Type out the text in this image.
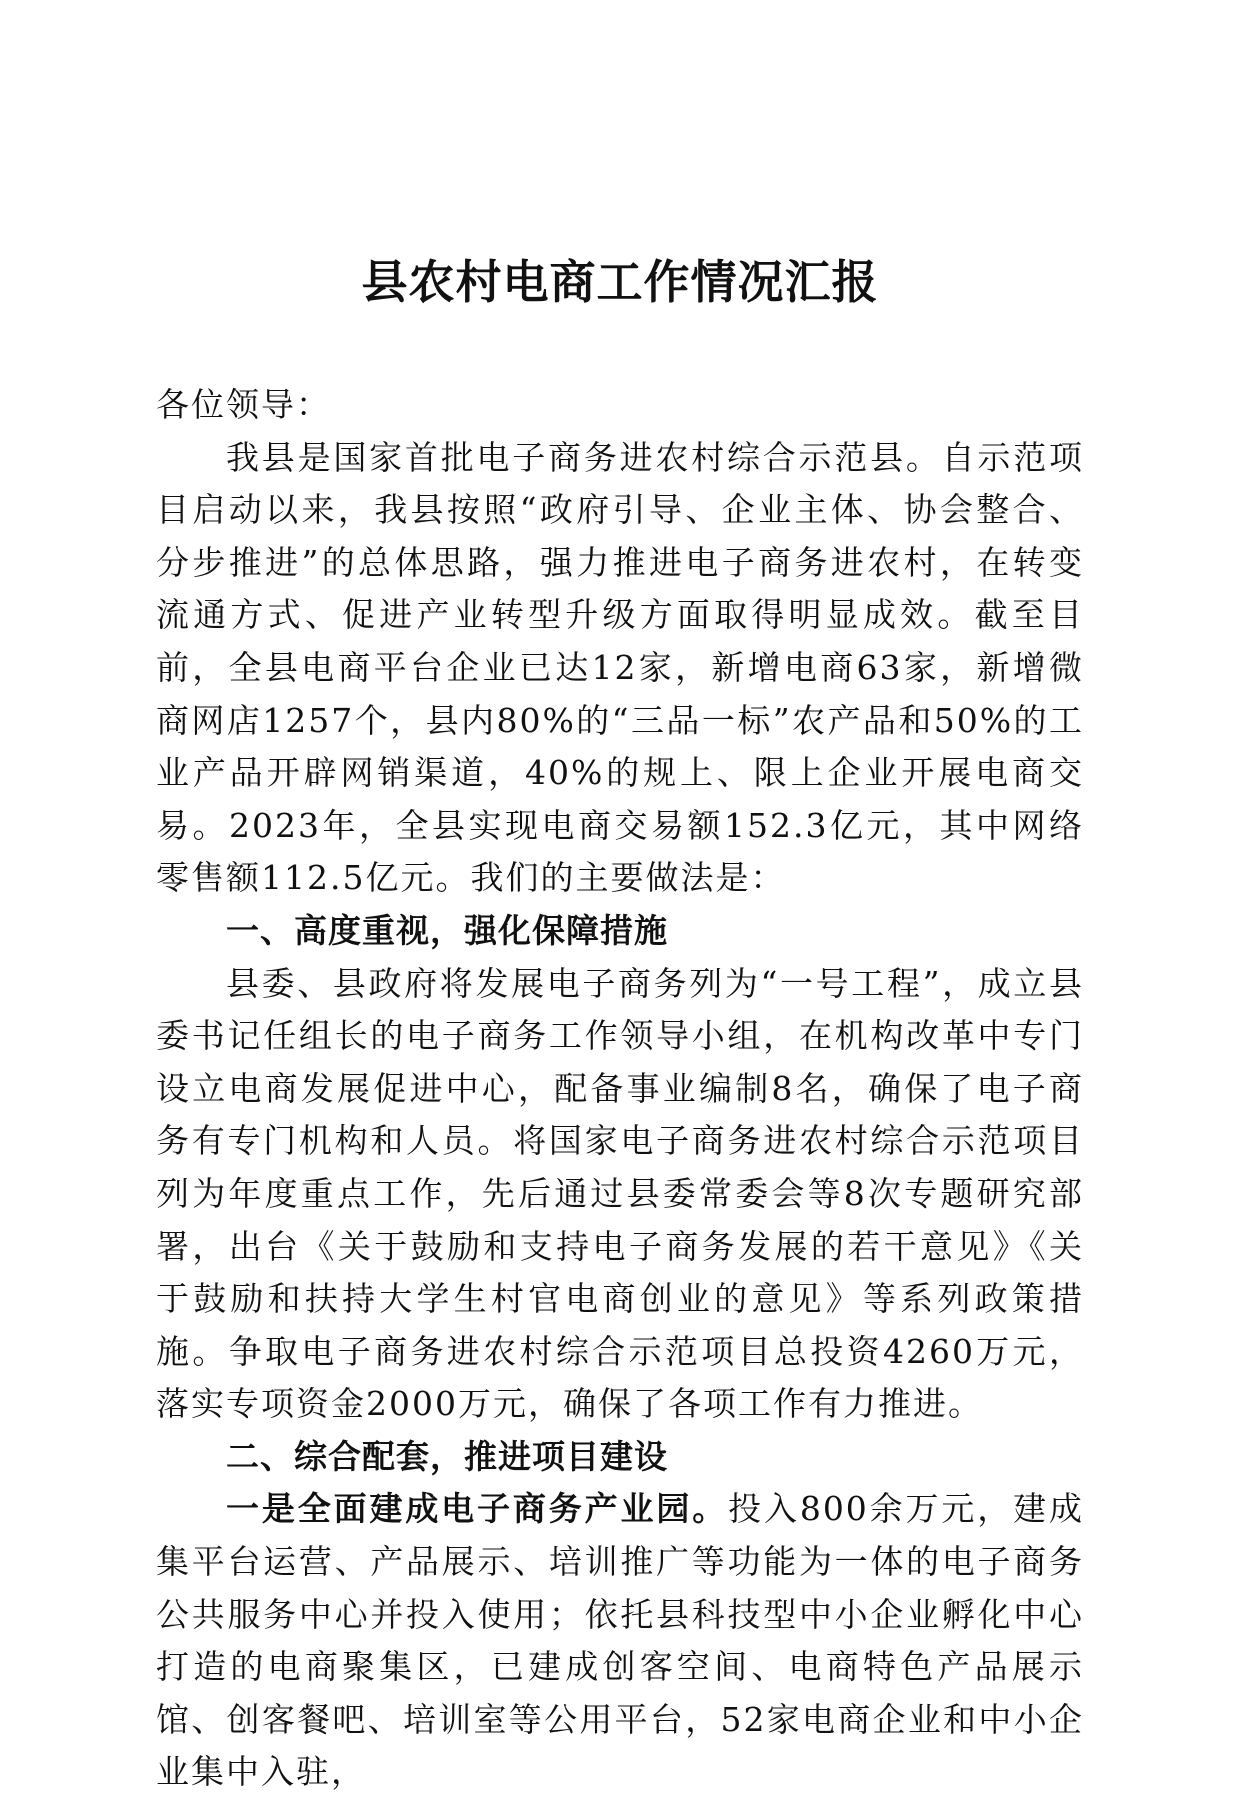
县农村电商工作情况汇报

各位领导：

我县是国家首批电子商务进农村综合示范县。自示范项目启动以来，我县按照“政府引导、企业主体、协会整合、分步推进”的总体思路，强力推进电子商务进农村，在转变流通方式、促进产业转型升级方面取得明显成效。截至目前，全县电商平台企业已达12家，新增电商63家，新增微商网店1257个，县内80%的“三品一标”农产品和50%的工业产品开辟网销渠道，40%的规上、限上企业开展电商交易。2023年，全县实现电商交易额152.3亿元，其中网络零售额112.5亿元。我们的主要做法是：

一、高度重视，强化保障措施

县委、县政府将发展电子商务列为“一号工程”，成立县委书记任组长的电子商务工作领导小组，在机构改革中专门设立电商发展促进中心，配备事业编制8名，确保了电子商务有专门机构和人员。将国家电子商务进农村综合示范项目列为年度重点工作，先后通过县委常委会等8次专题研究部署，出台《关于鼓励和支持电子商务发展的若干意见》《关于鼓励和扶持大学生村官电商创业的意见》等系列政策措施。争取电子商务进农村综合示范项目总投资4260万元，落实专项资金2000万元，确保了各项工作有力推进。

二、综合配套，推进项目建设

一是全面建成电子商务产业园。投入800余万元，建成集平台运营、产品展示、培训推广等功能为一体的电子商务公共服务中心并投入使用；依托县科技型中小企业孵化中心打造的电商聚集区，已建成创客空间、电商特色产品展示馆、创客餐吧、培训室等公用平台，52家电商企业和中小企业集中入驻，
